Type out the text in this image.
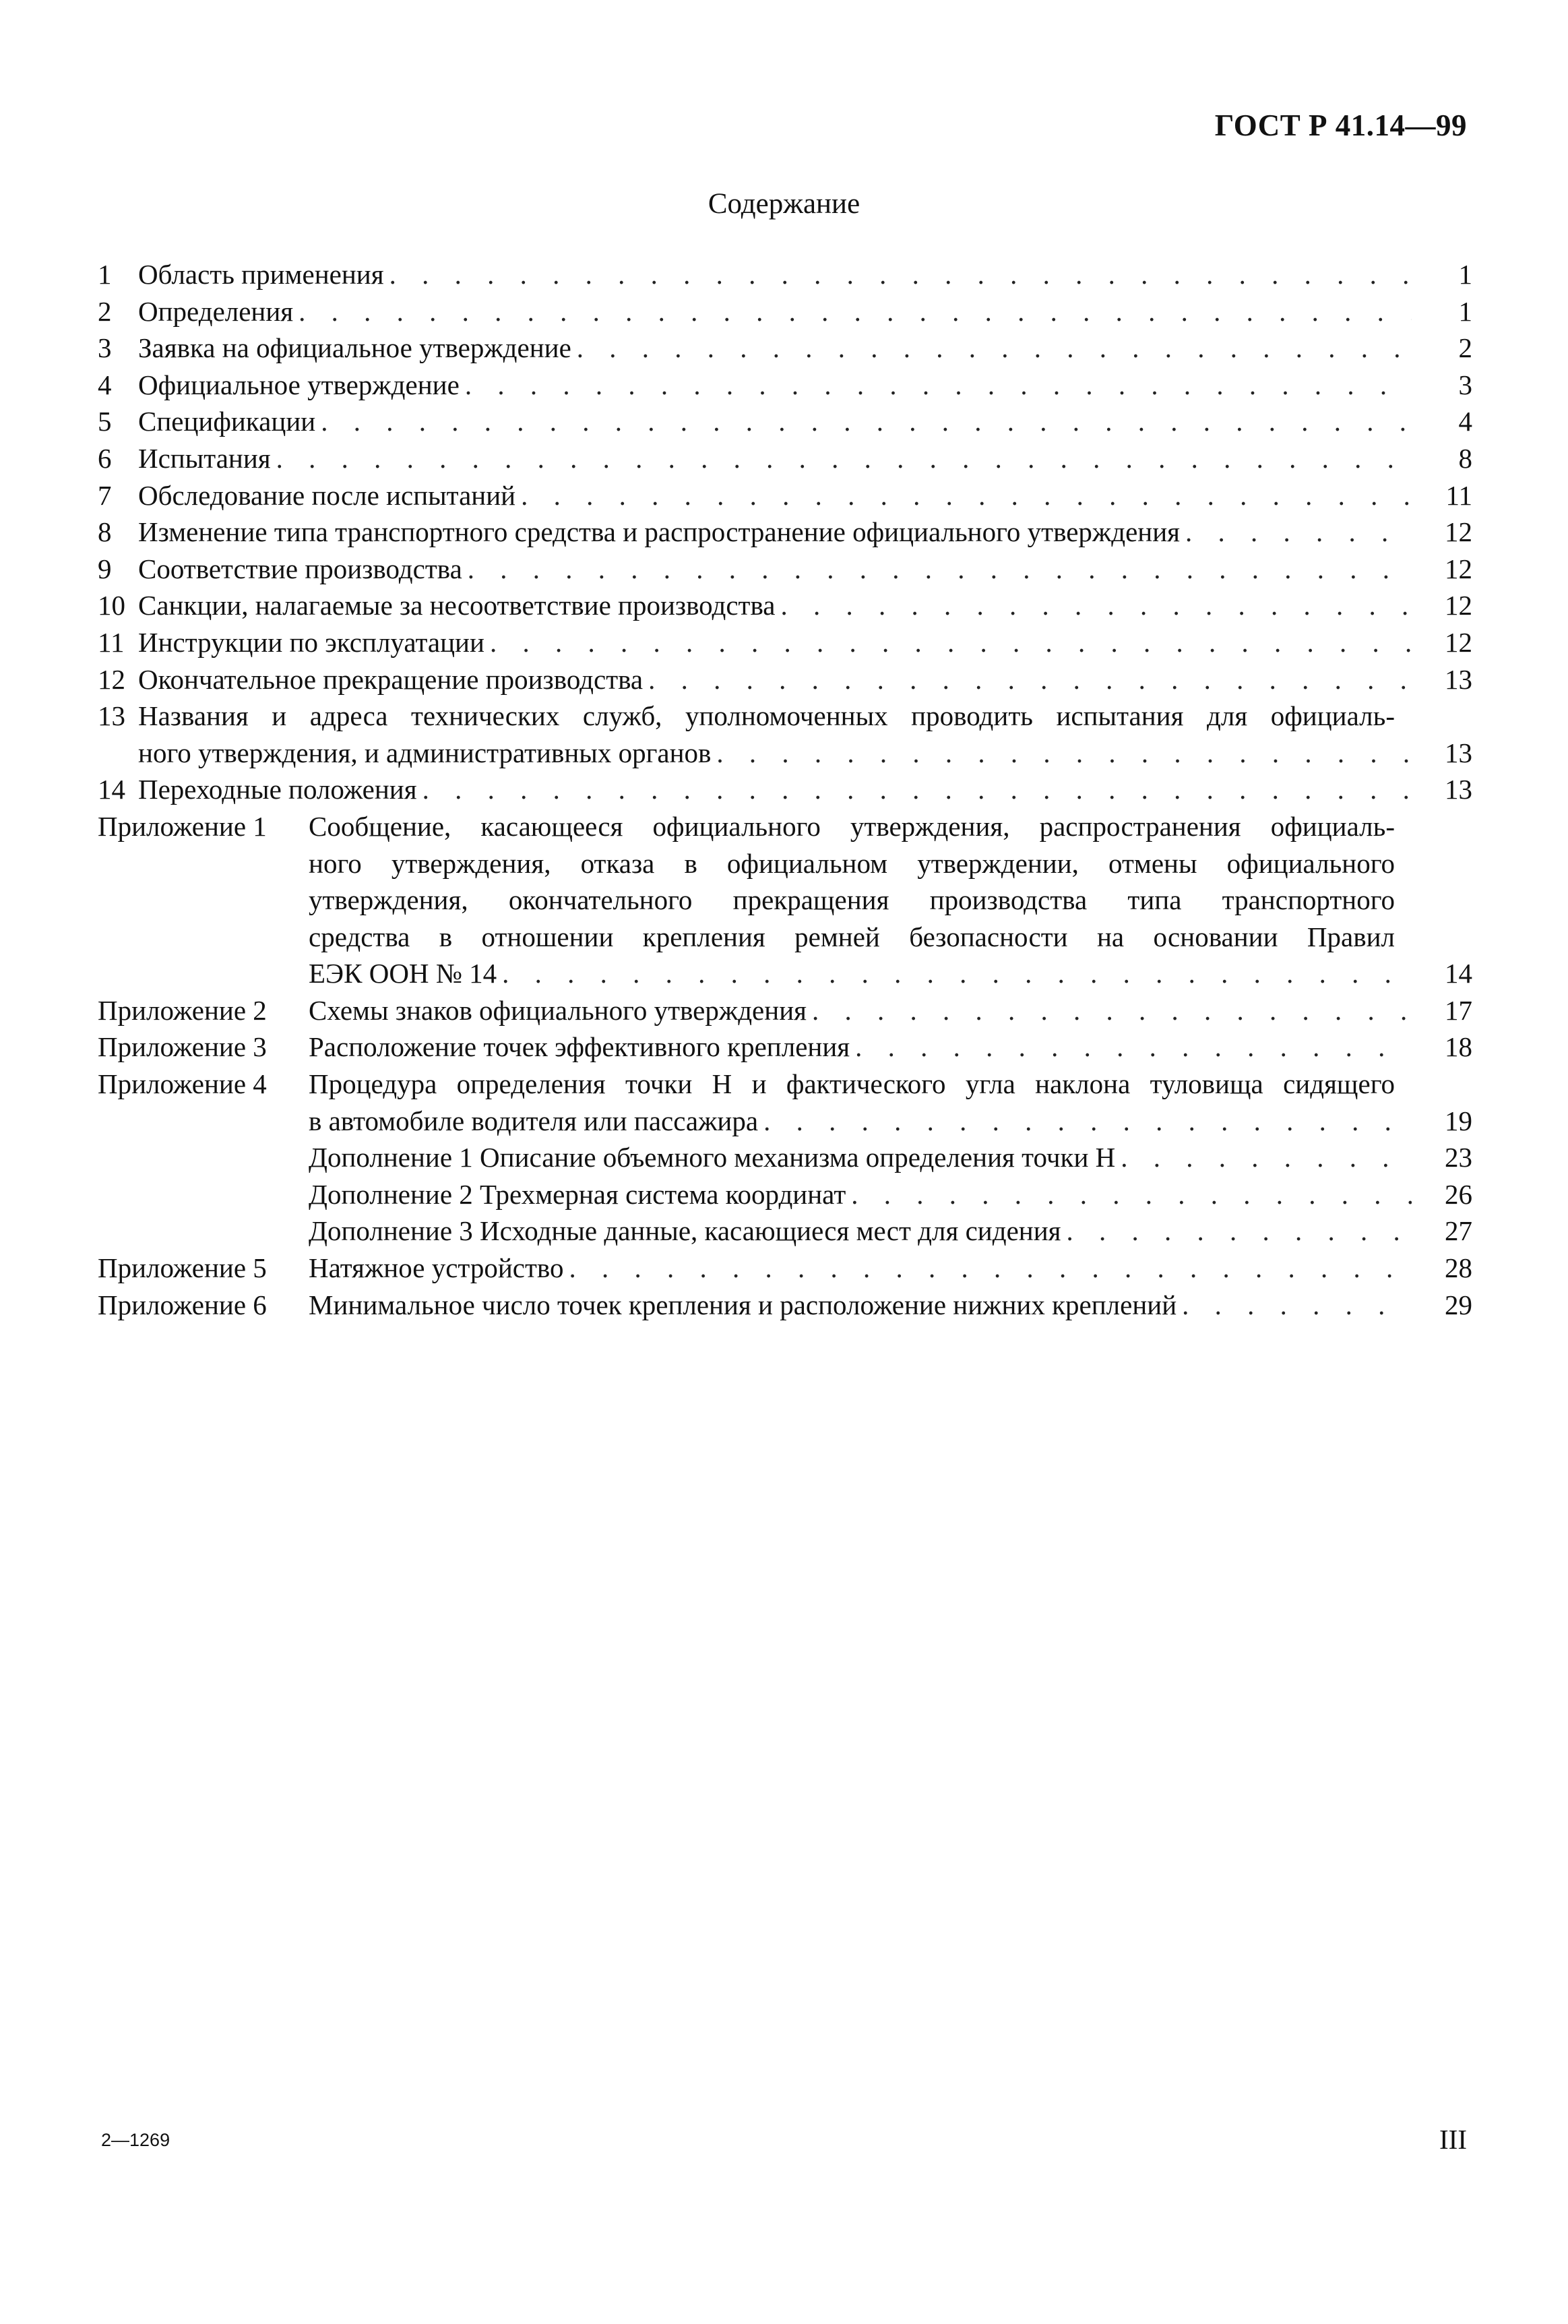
ГОСТ Р 41.14—99
Содержание
1 Область применения . . .	1
2 Определения . . .	1
3 Заявка на официальное утверждение . . .	2
4 Официальное утверждение . . .	3
5 Спецификации . . .	4
6 Испытания . . .	8
7 Обследование после испытаний . . .	11
8 Изменение типа транспортного средства и распространение официального утверждения . . .	12
9 Соответствие производства . . .	12
10 Санкции, налагаемые за несоответствие производства . . .	12
11 Инструкции по эксплуатации . . .	12
12 Окончательное прекращение производства . . .	13
13 Названия и адреса технических служб, уполномоченных проводить испытания для официаль-
ного утверждения, и административных органов . . .	13
14 Переходные положения . . .	13
Приложение 1 Сообщение, касающееся официального утверждения, распространения официаль-
ного утверждения, отказа в официальном утверждении, отмены официального
утверждения, окончательного прекращения производства типа транспортного
средства в отношении крепления ремней безопасности на основании Правил
ЕЭК ООН № 14 . . .	14
Приложение 2 Схемы знаков официального утверждения . . .	17
Приложение 3 Расположение точек эффективного крепления . . .	18
Приложение 4 Процедура определения точки H и фактического угла наклона туловища сидящего
в автомобиле водителя или пассажира . . .	19
Дополнение 1 Описание объемного механизма определения точки H . . .	23
Дополнение 2 Трехмерная система координат . . .	26
Дополнение 3 Исходные данные, касающиеся мест для сидения . . .	27
Приложение 5 Натяжное устройство . . .	28
Приложение 6 Минимальное число точек крепления и расположение нижних креплений . . .	29
2—1269	III
